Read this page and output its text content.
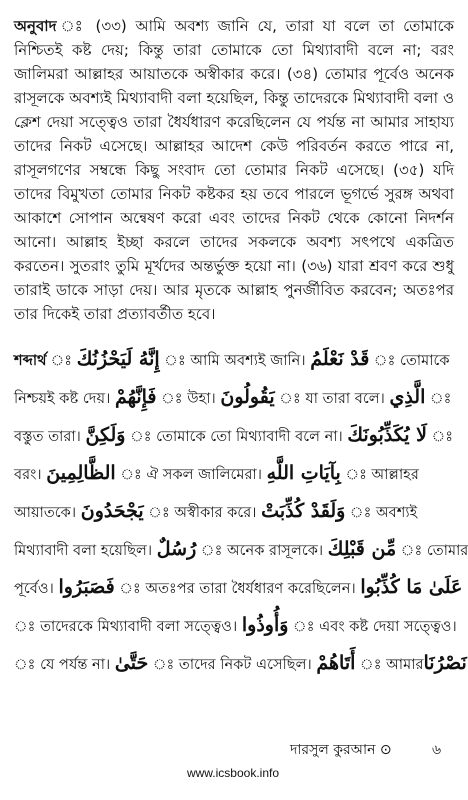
অনুবাদ ঃ (৩৩) আমি অবশ্য জানি যে, তারা যা বলে তা তোমাকে নিশ্চিতই কষ্ট দেয়; কিন্তু তারা তোমাকে তো মিথ্যাবাদী বলে না; বরং জালিমরা আল্লাহর আয়াতকে অস্বীকার করে। (৩৪) তোমার পূর্বেও অনেক রাসূলকে অবশ্যই মিথ্যাবাদী বলা হয়েছিল, কিন্তু তাদেরকে মিথ্যাবাদী বলা ও ক্লেশ দেয়া সত্ত্বেও তারা ধৈর্যধারণ করেছিলেন যে পর্যন্ত না আমার সাহায্য তাদের নিকট এসেছে। আল্লাহর আদেশ কেউ পরিবর্তন করতে পারে না, রাসূলগণের সম্বন্ধে কিছু সংবাদ তো তোমার নিকট এসেছে। (৩৫) যদি তাদের বিমুখতা তোমার নিকট কষ্টকর হয় তবে পারলে ভূগর্ভে সুরঙ্গ অথবা আকাশে সোপান অন্বেষণ করো এবং তাদের নিকট থেকে কোনো নিদর্শন আনো। আল্লাহ ইচ্ছা করলে তাদের সকলকে অবশ্য সৎপথে একত্রিত করতেন। সুতরাং তুমি মূর্খদের অন্তর্ভুক্ত হয়ো না। (৩৬) যারা শ্রবণ করে শুধু তারাই ডাকে সাড়া দেয়। আর মৃতকে আল্লাহ পুনর্জীবিত করবেন; অতঃপর তার দিকেই তারা প্রত্যাবর্তীত হবে।

শব্দার্থ ঃ إِنَّهُ لَيَحْزُنُكَ ঃ আমি অবশ্যই জানি। قَدْ نَعْلَمُ ঃ তোমাকে
নিশ্চয়ই কষ্ট দেয়। فَإِنَّهُمْ ঃ উহা। يَقُولُونَ ঃ যা তারা বলে। الَّذِي ঃ
বস্তুত তারা। وَلَكِنَّ ঃ তোমাকে তো মিথ্যাবাদী বলে না। لَا يُكَذِّبُونَكَ ঃ
বরং। الظَّالِمِينَ ঃ ঐ সকল জালিমেরা। بِآيَاتِ اللَّهِ ঃ আল্লাহর
আয়াতকে। يَجْحَدُونَ ঃ অস্বীকার করে। وَلَقَدْ كُذِّبَتْ ঃ অবশ্যই
মিথ্যাবাদী বলা হয়েছিল। رُسُلٌ ঃ অনেক রাসূলকে। مِّن قَبْلِكَ ঃ তোমার
পূর্বেও। فَصَبَرُوا ঃ অতঃপর তারা ধৈর্যধারণ করেছিলেন। عَلَىٰ مَا كُذِّبُوا
ঃ তাদেরকে মিথ্যাবাদী বলা সত্ত্বেও। وَأُوذُوا ঃ এবং কষ্ট দেয়া সত্ত্বেও।
ঃ যে পর্যন্ত না। حَتَّىٰ ঃ তাদের নিকট এসেছিল। أَتَاهُمْ ঃ আমারنَصْرُنَا
দারসুল কুরআন ⊙	৬
www.icsbook.info
